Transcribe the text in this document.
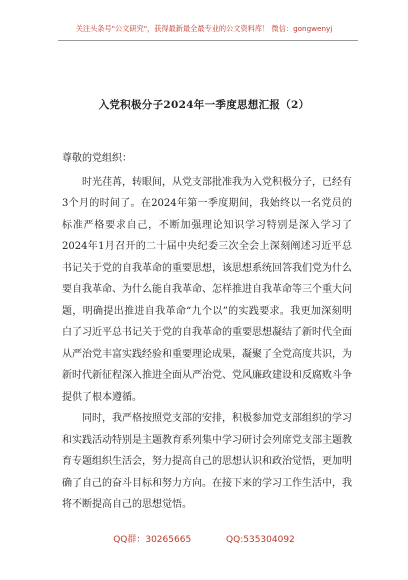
关注头条号"公文研究"，获得最新最全最专业的公文资料库！ 微信：gongwenyj
入党积极分子2024年一季度思想汇报（2）

尊敬的党组织：

时光荏苒，转眼间，从党支部批准我为入党积极分子，已经有3个月的时间了。在2024年第一季度期间，我始终以一名党员的标准严格要求自己，不断加强理论知识学习特别是深入学习了2024年1月召开的二十届中央纪委三次全会上深刻阐述习近平总书记关于党的自我革命的重要思想，该思想系统回答我们党为什么要自我革命、为什么能自我革命、怎样推进自我革命等三个重大问题，明确提出推进自我革命“九个以”的实践要求。我更加深刻明白了习近平总书记关于党的自我革命的重要思想凝结了新时代全面从严治党丰富实践经验和重要理论成果，凝聚了全党高度共识，为新时代新征程深入推进全面从严治党、党风廉政建设和反腐败斗争提供了根本遵循。

同时，我严格按照党支部的安排，积极参加党支部组织的学习和实践活动特别是主题教育系列集中学习研讨会列席党支部主题教育专题组织生活会，努力提高自己的思想认识和政治觉悟，更加明确了自己的奋斗目标和努力方向。在接下来的学习工作生活中，我将不断提高自己的思想觉悟。

QQ群：30265665	QQ:535304092
